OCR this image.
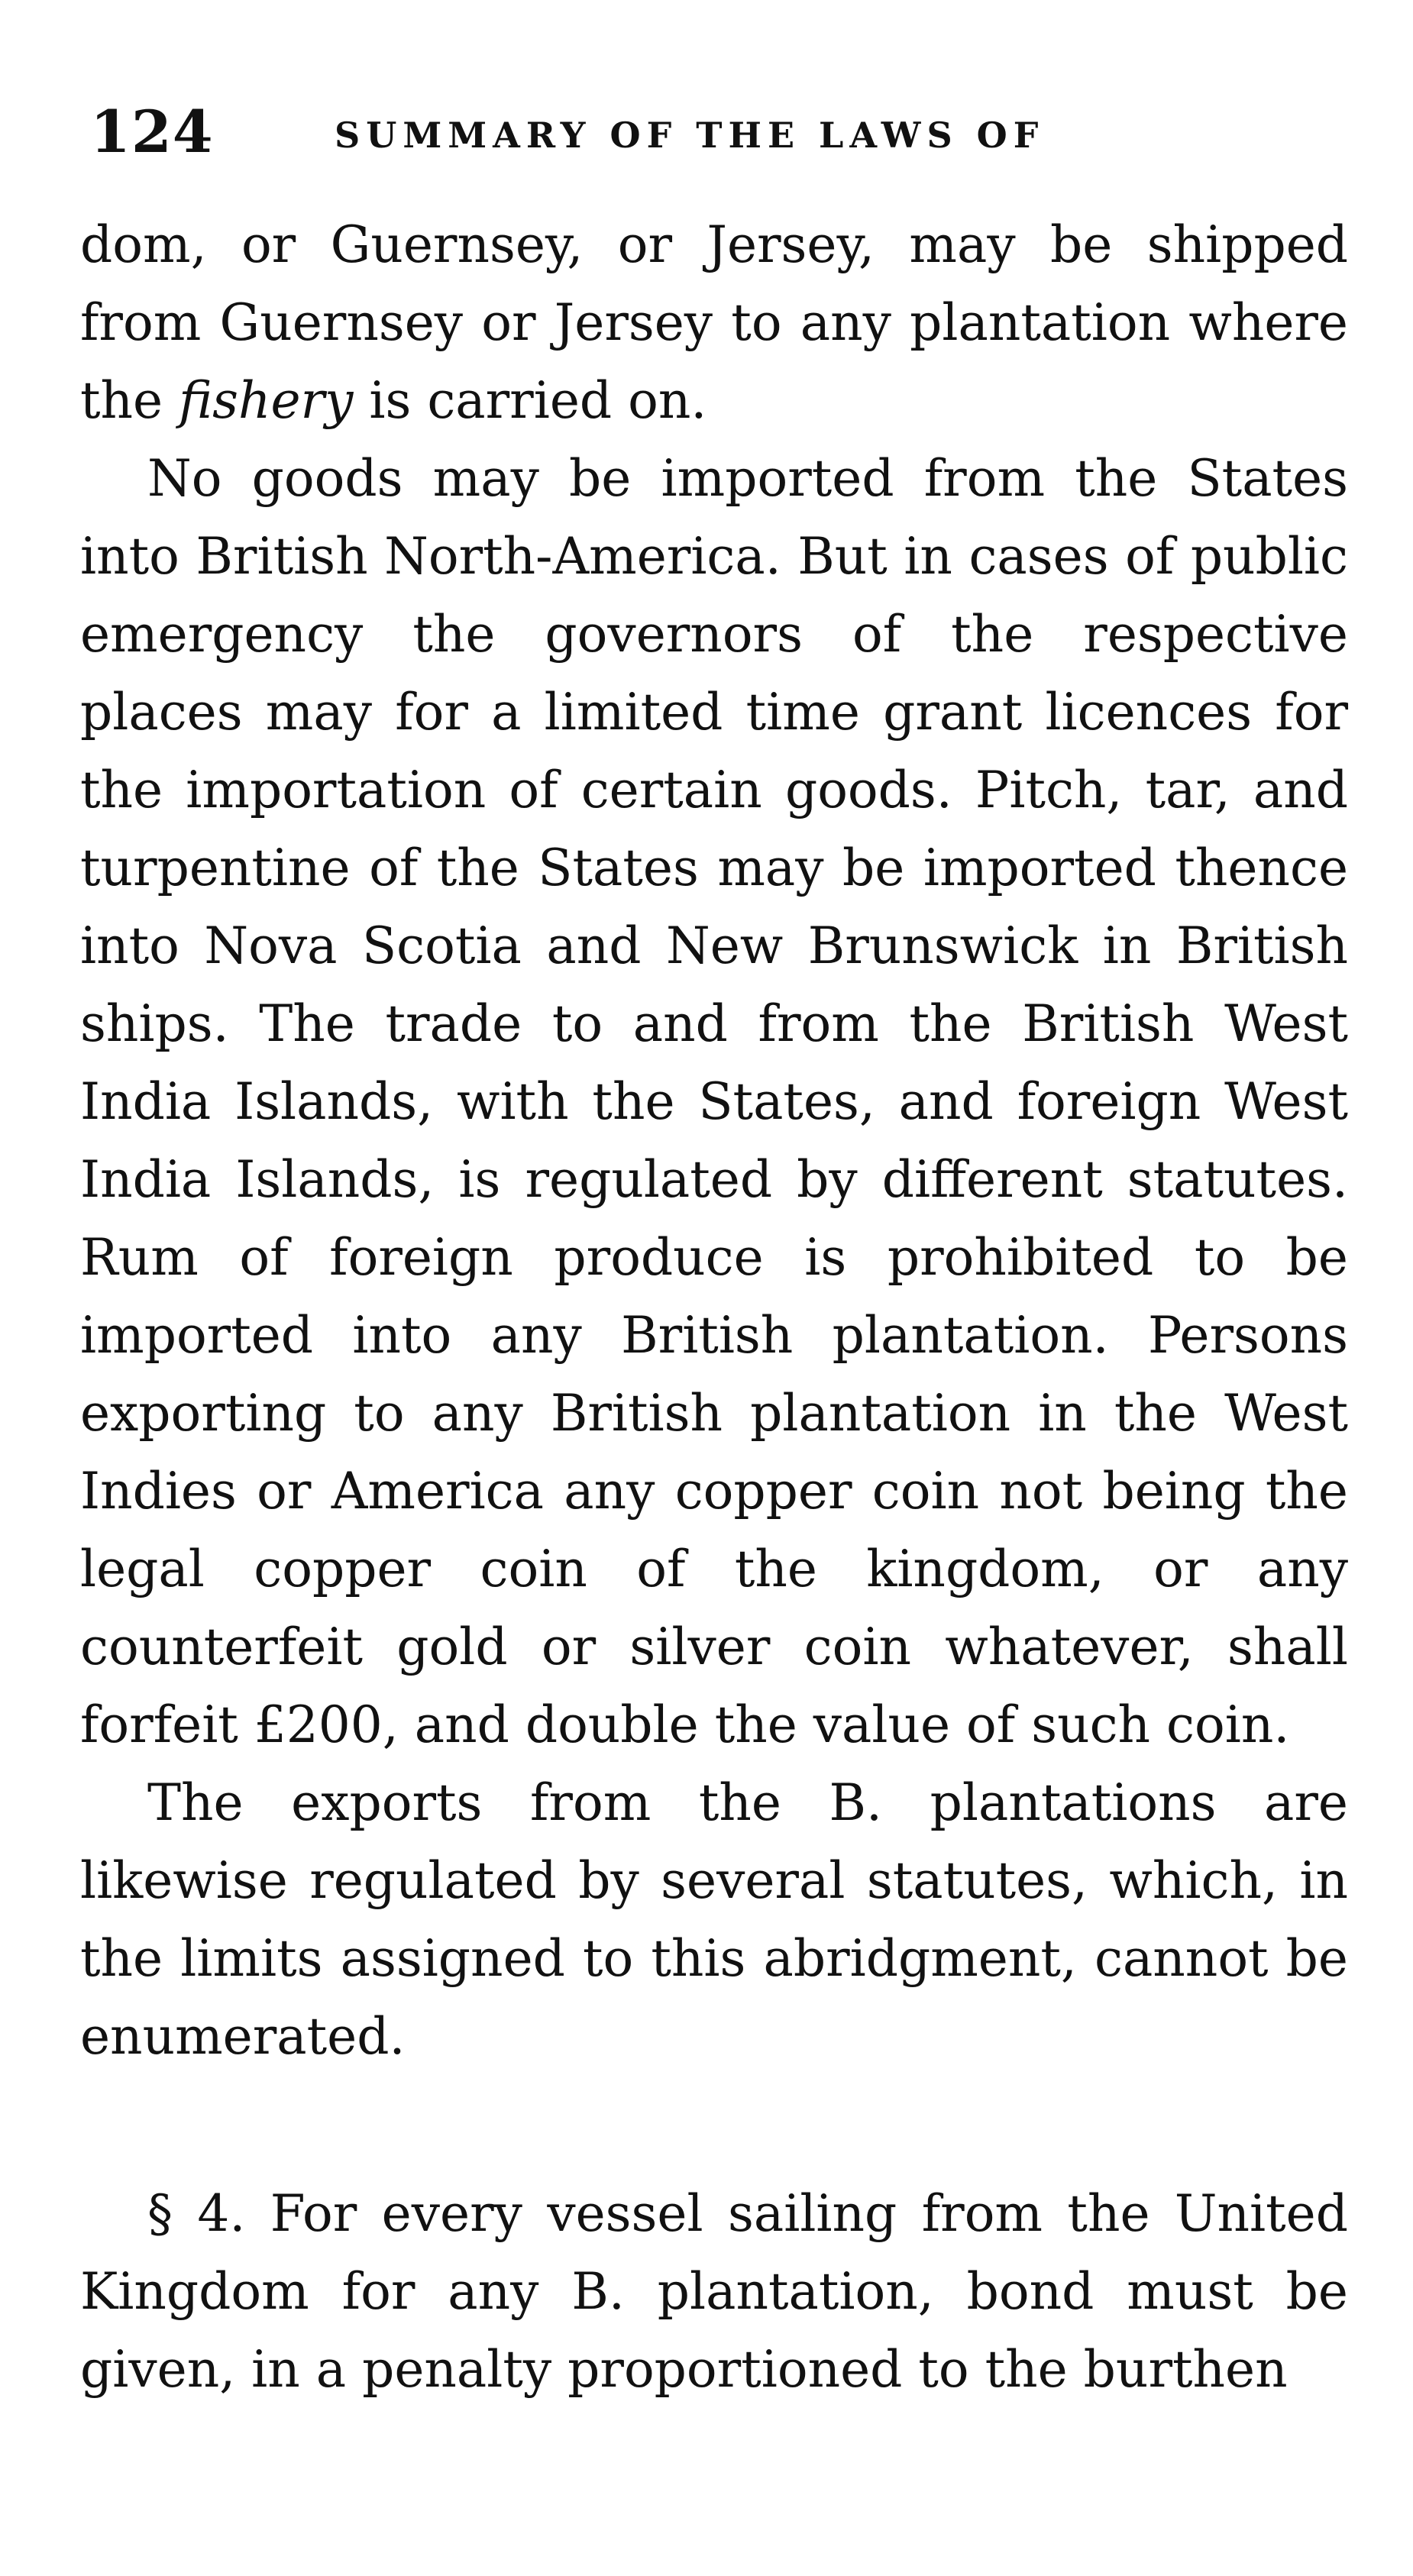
124	SUMMARY OF THE LAWS OF

dom, or Guernsey, or Jersey, may be shipped from Guernsey or Jersey to any plantation where the fishery is carried on.

No goods may be imported from the States into British North-America. But in cases of public emergency the governors of the respective places may for a limited time grant licences for the importation of certain goods. Pitch, tar, and turpentine of the States may be imported thence into Nova Scotia and New Brunswick in British ships. The trade to and from the British West India Islands, with the States, and foreign West India Islands, is regulated by different statutes. Rum of foreign produce is prohibited to be imported into any British plantation. Persons exporting to any British plantation in the West Indies or America any copper coin not being the legal copper coin of the kingdom, or any counterfeit gold or silver coin whatever, shall forfeit £200, and double the value of such coin.

The exports from the B. plantations are likewise regulated by several statutes, which, in the limits assigned to this abridgment, cannot be enumerated.

§ 4. For every vessel sailing from the United Kingdom for any B. plantation, bond must be given, in a penalty proportioned to the burthen
